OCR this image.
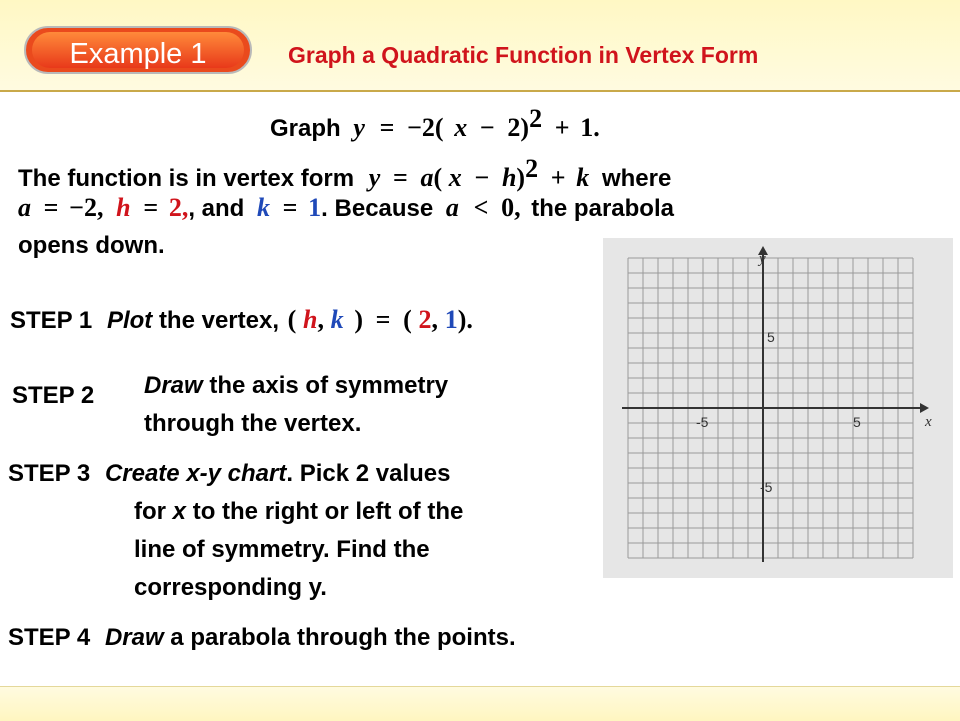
Example 1	Graph a Quadratic Function in Vertex Form
Graph y = −2( x − 2)$^2$ + 1.
The function is in vertex form y = a( x − h)$^2$ + k where
a = −2, h = 2,, and k = 1. Because a < 0, the parabola
opens down.
STEP 1 Plot the vertex, ( h, k ) = ( 2, 1).
STEP 2 Draw the axis of symmetry
through the vertex.
STEP 3 Create x-y chart. Pick 2 values
for x to the right or left of the
line of symmetry. Find the
corresponding y.
STEP 4 Draw a parabola through the points.
y
x
-5	5
5
-5
